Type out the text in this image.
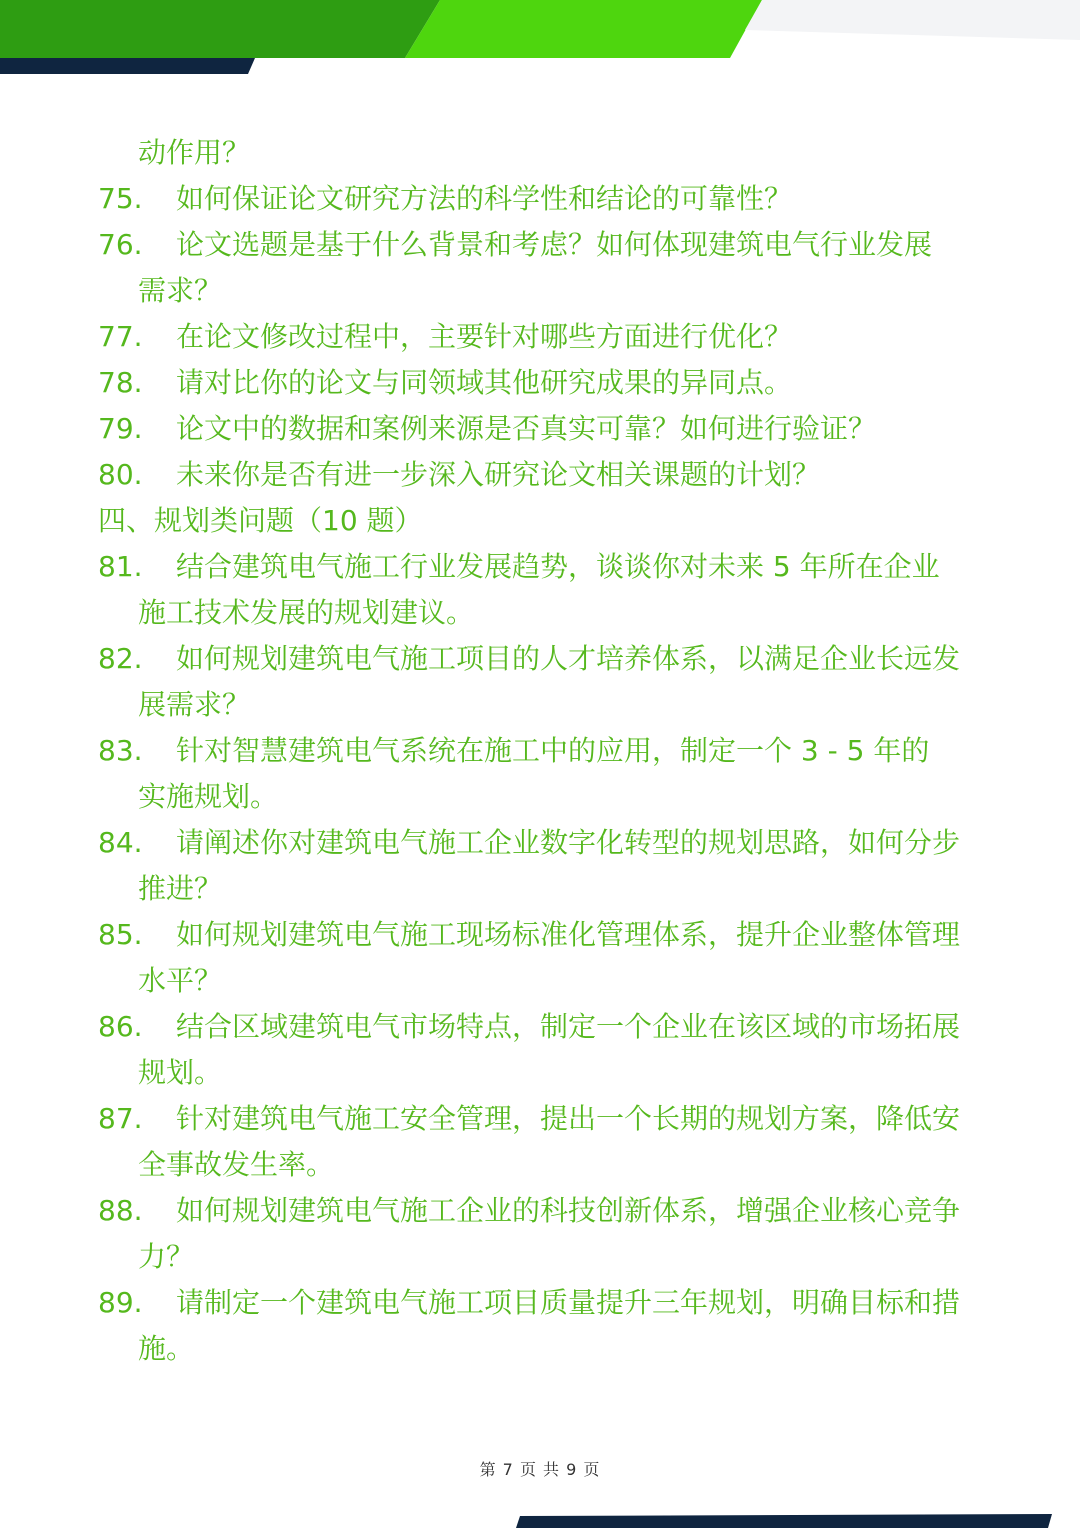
动作用？
75. 如何保证论文研究方法的科学性和结论的可靠性？
76. 论文选题是基于什么背景和考虑？如何体现建筑电气行业发展
需求？
77. 在论文修改过程中，主要针对哪些方面进行优化？
78. 请对比你的论文与同领域其他研究成果的异同点。
79. 论文中的数据和案例来源是否真实可靠？如何进行验证？
80. 未来你是否有进一步深入研究论文相关课题的计划？
四、规划类问题（10 题）
81. 结合建筑电气施工行业发展趋势，谈谈你对未来 5 年所在企业
施工技术发展的规划建议。
82. 如何规划建筑电气施工项目的人才培养体系，以满足企业长远发
展需求？
83. 针对智慧建筑电气系统在施工中的应用，制定一个 3 - 5 年的
实施规划。
84. 请阐述你对建筑电气施工企业数字化转型的规划思路，如何分步
推进？
85. 如何规划建筑电气施工现场标准化管理体系，提升企业整体管理
水平？
86. 结合区域建筑电气市场特点，制定一个企业在该区域的市场拓展
规划。
87. 针对建筑电气施工安全管理，提出一个长期的规划方案，降低安
全事故发生率。
88. 如何规划建筑电气施工企业的科技创新体系，增强企业核心竞争
力？
89. 请制定一个建筑电气施工项目质量提升三年规划，明确目标和措
施。
第 7 页 共 9 页
